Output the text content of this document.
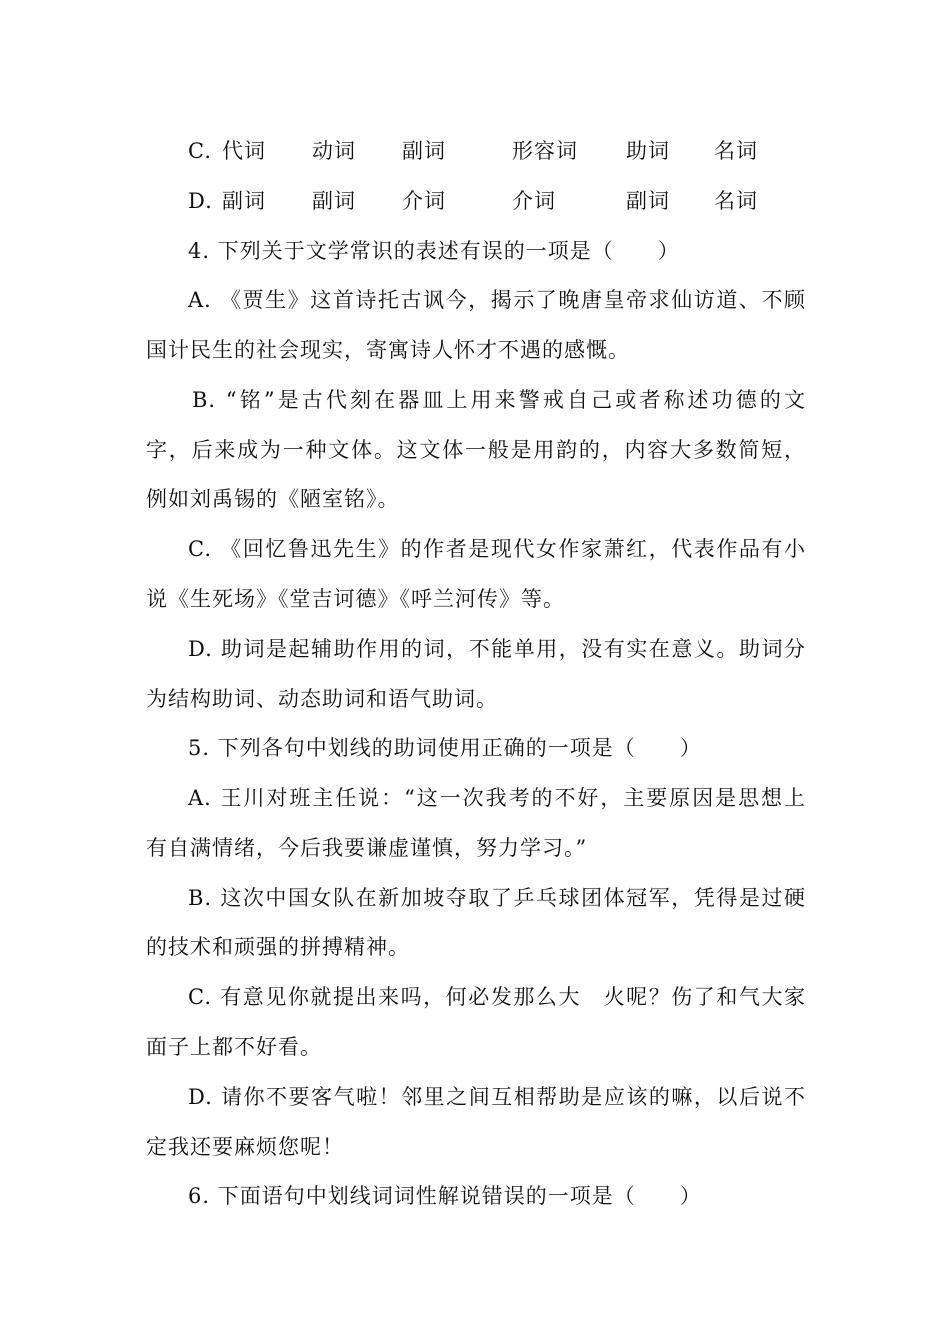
C. 代词 动词 副词	形容词 助词 名词
D. 副词 副词 介词	介词	副词 名词
4. 下列关于文学常识的表述有误的一项是（　　）
A. 《贾生》这首诗托古讽今，揭示了晚唐皇帝求仙访道、不顾
国计民生的社会现实，寄寓诗人怀才不遇的感慨。
B. “铭”是古代刻在器皿上用来警戒自己或者称述功德的文
字，后来成为一种文体。这文体一般是用韵的，内容大多数简短，
例如刘禹锡的《陋室铭》。
C. 《回忆鲁迅先生》的作者是现代女作家萧红，代表作品有小
说《生死场》《堂吉诃德》《呼兰河传》等。
D. 助词是起辅助作用的词，不能单用，没有实在意义。助词分
为结构助词、动态助词和语气助词。
5. 下列各句中划线的助词使用正确的一项是（　　）
A. 王川对班主任说：“这一次我考的不好，主要原因是思想上
有自满情绪，今后我要谦虚谨慎，努力学习。”
B. 这次中国女队在新加坡夺取了乒乓球团体冠军，凭得是过硬
的技术和顽强的拼搏精神。
C. 有意见你就提出来吗，何必发那么大　火呢？伤了和气大家
面子上都不好看。
D. 请你不要客气啦！邻里之间互相帮助是应该的嘛，以后说不
定我还要麻烦您呢！
6. 下面语句中划线词词性解说错误的一项是（　　）
